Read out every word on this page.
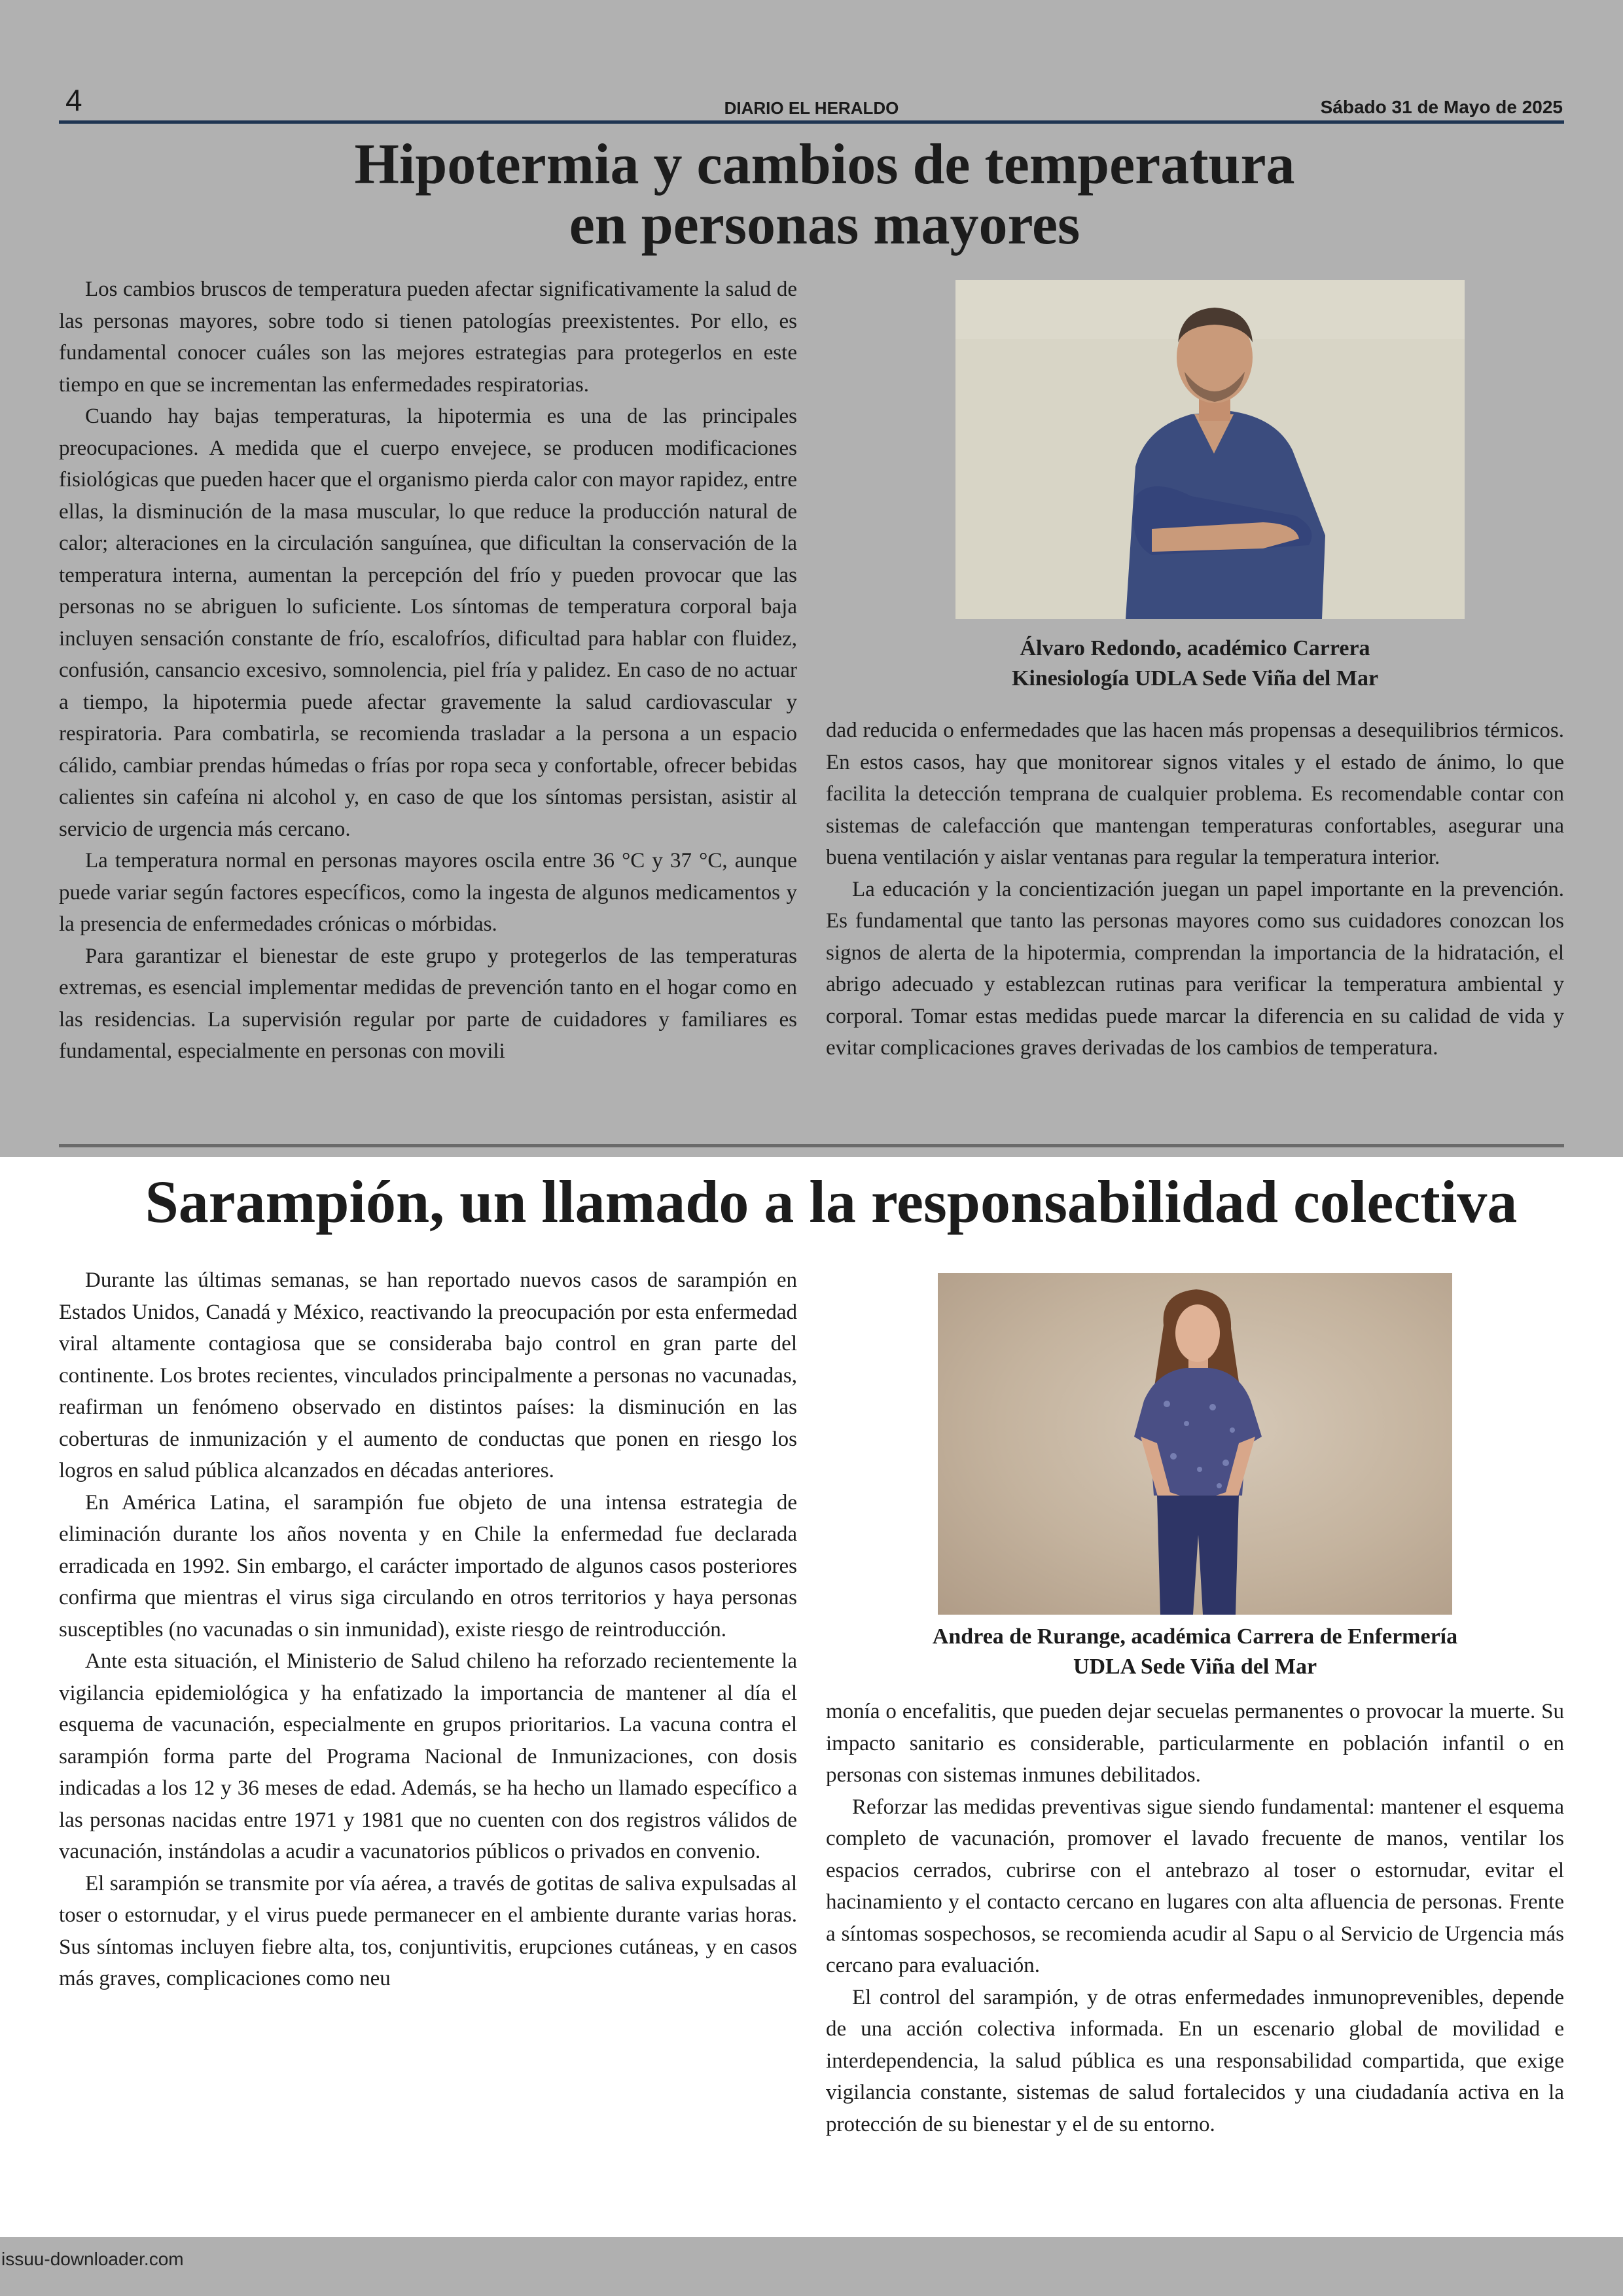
4	DIARIO EL HERALDO	Sábado 31 de Mayo de 2025
Hipotermia y cambios de temperatura
en personas mayores

Los cambios bruscos de temperatura pueden afectar significativamente la salud de las personas mayores, sobre todo si tienen patologías preexistentes. Por ello, es fundamental conocer cuáles son las mejores estrategias para protegerlos en este tiempo en que se incrementan las enfermedades respiratorias.

Cuando hay bajas temperaturas, la hipotermia es una de las principales preocupaciones. A medida que el cuerpo envejece, se producen modificaciones fisiológicas que pueden hacer que el organismo pierda calor con mayor rapidez, entre ellas, la disminución de la masa muscular, lo que reduce la producción natural de calor; alteraciones en la circulación sanguínea, que dificultan la conservación de la temperatura interna, aumentan la percepción del frío y pueden provocar que las personas no se abriguen lo suficiente. Los síntomas de temperatura corporal baja incluyen sensación constante de frío, escalofríos, dificultad para hablar con fluidez, confusión, cansancio excesivo, somnolencia, piel fría y palidez. En caso de no actuar a tiempo, la hipotermia puede afectar gravemente la salud cardiovascular y respiratoria. Para combatirla, se recomienda trasladar a la persona a un espacio cálido, cambiar prendas húmedas o frías por ropa seca y confortable, ofrecer bebidas calientes sin cafeína ni alcohol y, en caso de que los síntomas persistan, asistir al servicio de urgencia más cercano.

La temperatura normal en personas mayores oscila entre 36 °C y 37 °C, aunque puede variar según factores específicos, como la ingesta de algunos medicamentos y la presencia de enfermedades crónicas o mórbidas.

Para garantizar el bienestar de este grupo y protegerlos de las temperaturas extremas, es esencial implementar medidas de prevención tanto en el hogar como en las residencias. La supervisión regular por parte de cuidadores y familiares es fundamental, especialmente en personas con movili

Álvaro Redondo, académico Carrera
Kinesiología UDLA Sede Viña del Mar

dad reducida o enfermedades que las hacen más propensas a desequilibrios térmicos. En estos casos, hay que monitorear signos vitales y el estado de ánimo, lo que facilita la detección temprana de cualquier problema. Es recomendable contar con sistemas de calefacción que mantengan temperaturas confortables, asegurar una buena ventilación y aislar ventanas para regular la temperatura interior.

La educación y la concientización juegan un papel importante en la prevención. Es fundamental que tanto las personas mayores como sus cuidadores conozcan los signos de alerta de la hipotermia, comprendan la importancia de la hidratación, el abrigo adecuado y establezcan rutinas para verificar la temperatura ambiental y corporal. Tomar estas medidas puede marcar la diferencia en su calidad de vida y evitar complicaciones graves derivadas de los cambios de temperatura.

Sarampión, un llamado a la responsabilidad colectiva

Durante las últimas semanas, se han reportado nuevos casos de sarampión en Estados Unidos, Canadá y México, reactivando la preocupación por esta enfermedad viral altamente contagiosa que se consideraba bajo control en gran parte del continente. Los brotes recientes, vinculados principalmente a personas no vacunadas, reafirman un fenómeno observado en distintos países: la disminución en las coberturas de inmunización y el aumento de conductas que ponen en riesgo los logros en salud pública alcanzados en décadas anteriores.

En América Latina, el sarampión fue objeto de una intensa estrategia de eliminación durante los años noventa y en Chile la enfermedad fue declarada erradicada en 1992. Sin embargo, el carácter importado de algunos casos posteriores confirma que mientras el virus siga circulando en otros territorios y haya personas susceptibles (no vacunadas o sin inmunidad), existe riesgo de reintroducción.

Ante esta situación, el Ministerio de Salud chileno ha reforzado recientemente la vigilancia epidemiológica y ha enfatizado la importancia de mantener al día el esquema de vacunación, especialmente en grupos prioritarios. La vacuna contra el sarampión forma parte del Programa Nacional de Inmunizaciones, con dosis indicadas a los 12 y 36 meses de edad. Además, se ha hecho un llamado específico a las personas nacidas entre 1971 y 1981 que no cuenten con dos registros válidos de vacunación, instándolas a acudir a vacunatorios públicos o privados en convenio.

El sarampión se transmite por vía aérea, a través de gotitas de saliva expulsadas al toser o estornudar, y el virus puede permanecer en el ambiente durante varias horas. Sus síntomas incluyen fiebre alta, tos, conjuntivitis, erupciones cutáneas, y en casos más graves, complicaciones como neu

Andrea de Rurange, académica Carrera de Enfermería
UDLA Sede Viña del Mar

monía o encefalitis, que pueden dejar secuelas permanentes o provocar la muerte. Su impacto sanitario es considerable, particularmente en población infantil o en personas con sistemas inmunes debilitados.

Reforzar las medidas preventivas sigue siendo fundamental: mantener el esquema completo de vacunación, promover el lavado frecuente de manos, ventilar los espacios cerrados, cubrirse con el antebrazo al toser o estornudar, evitar el hacinamiento y el contacto cercano en lugares con alta afluencia de personas. Frente a síntomas sospechosos, se recomienda acudir al Sapu o al Servicio de Urgencia más cercano para evaluación.

El control del sarampión, y de otras enfermedades inmunoprevenibles, depende de una acción colectiva informada. En un escenario global de movilidad e interdependencia, la salud pública es una responsabilidad compartida, que exige vigilancia constante, sistemas de salud fortalecidos y una ciudadanía activa en la protección de su bienestar y el de su entorno.

issuu-downloader.com
